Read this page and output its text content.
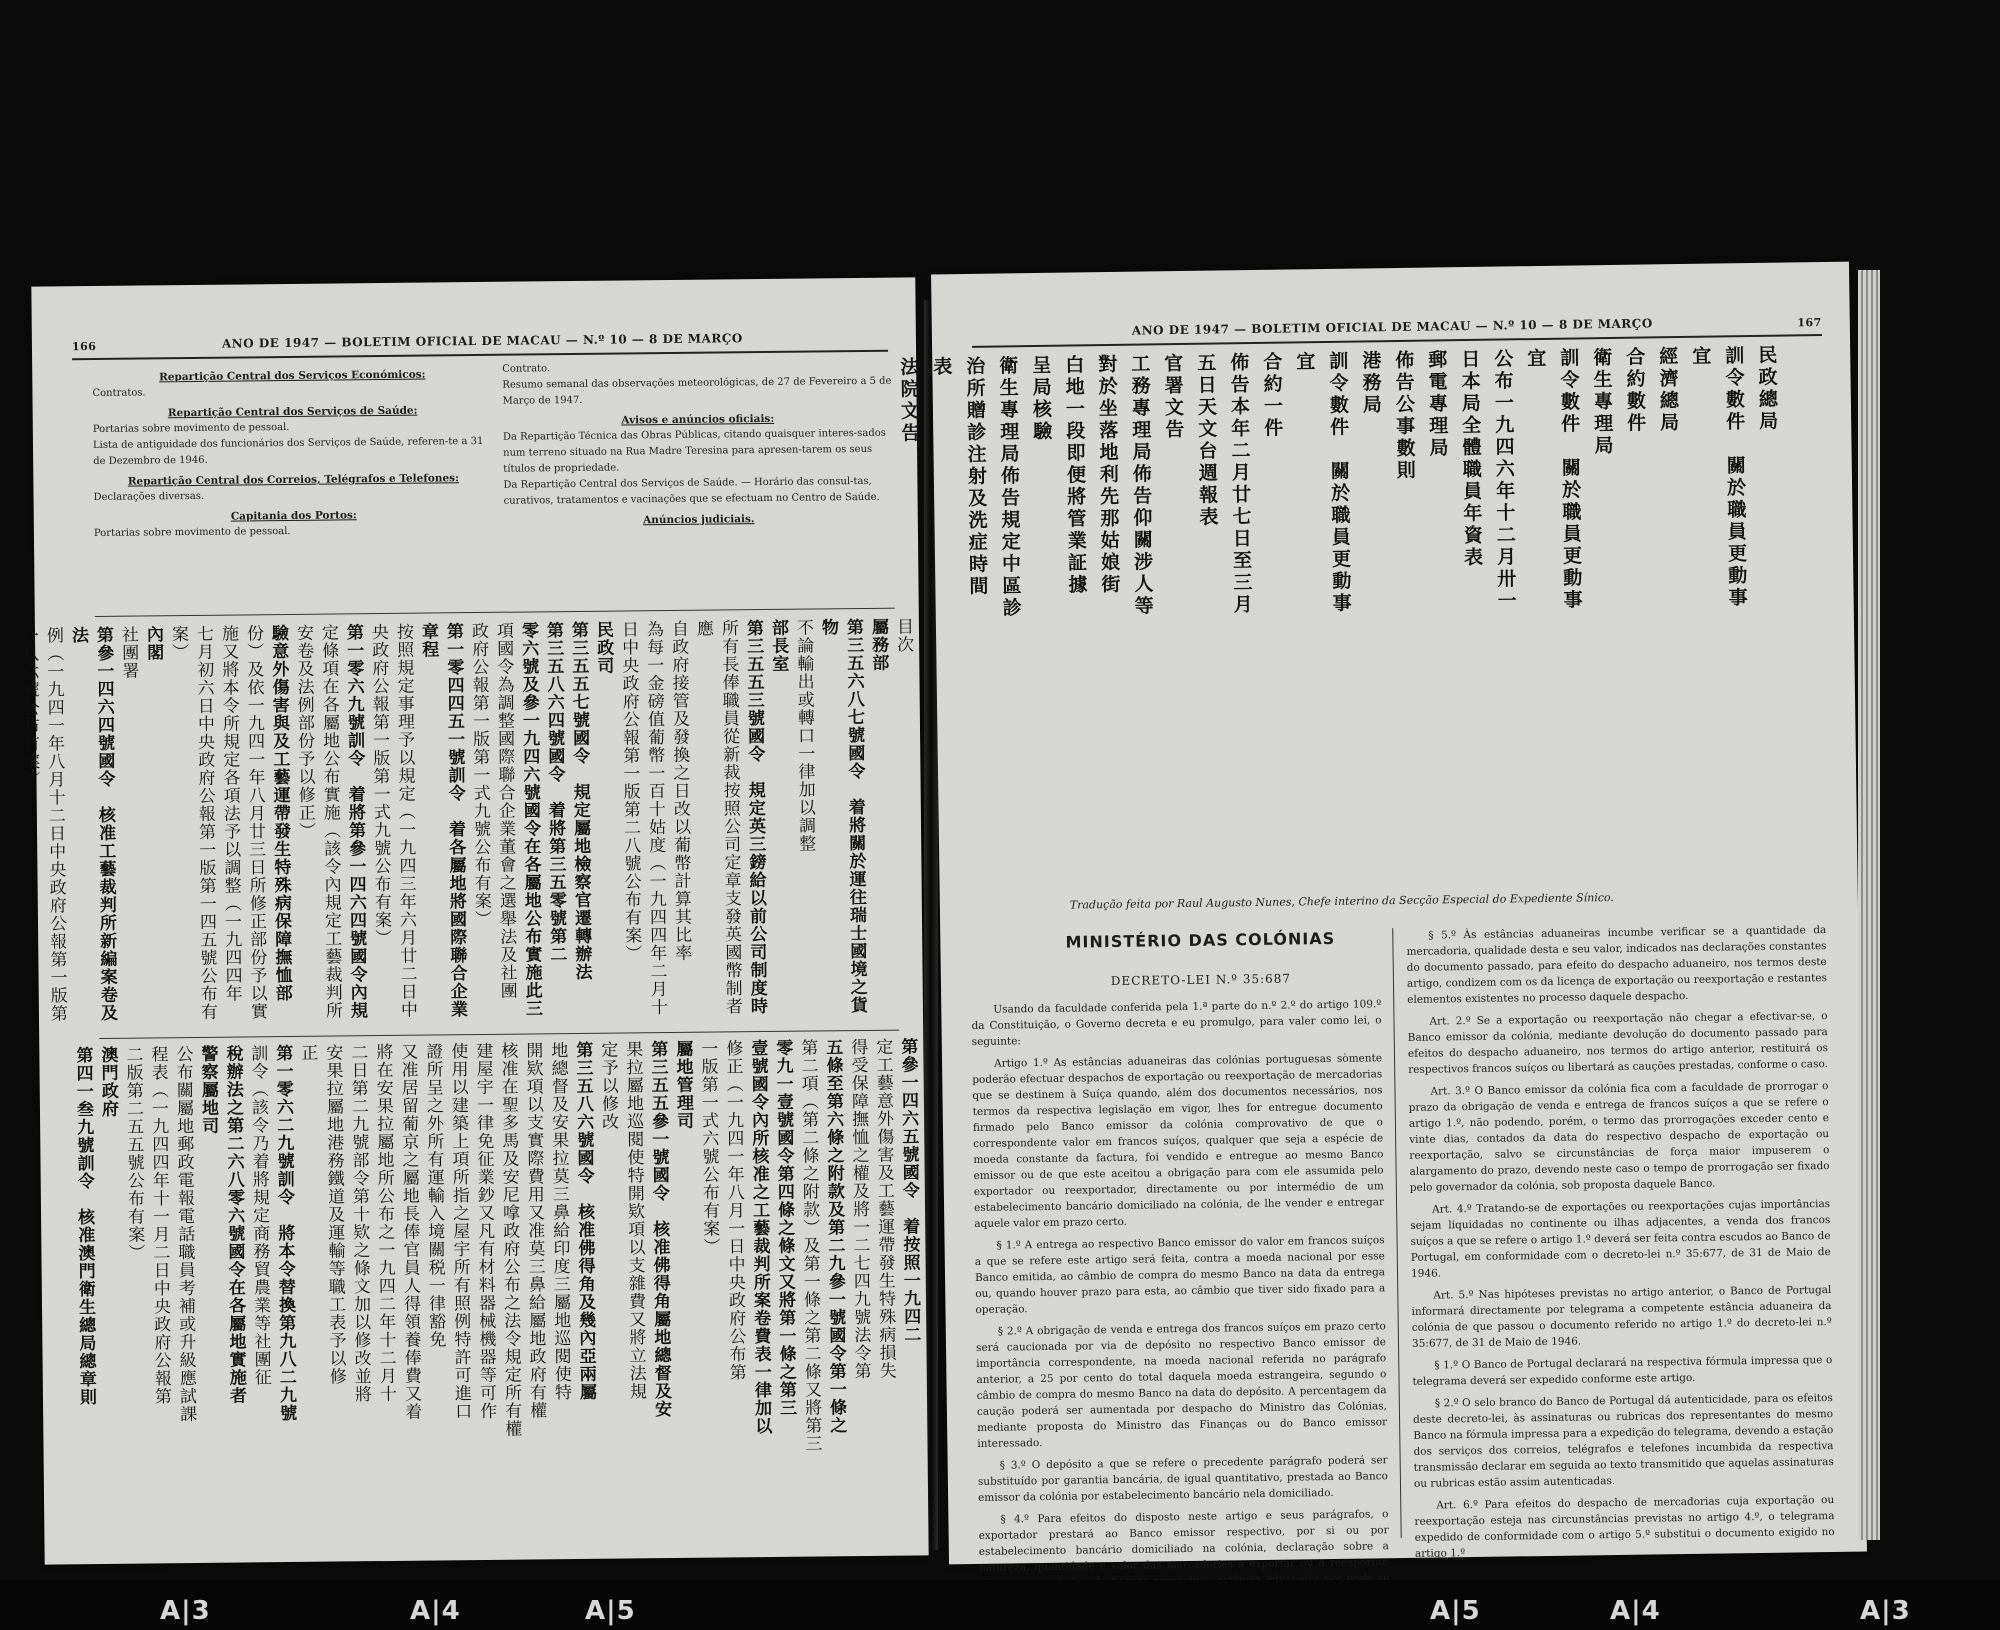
166	ANO DE 1947 — BOLETIM OFICIAL DE MACAU — N.º 10 — 8 DE MARÇO
Repartição Central dos Serviços Económicos:

Contratos.

Repartição Central dos Serviços de Saúde:

Portarias sobre movimento de pessoal.

Lista de antiguidade dos funcionários dos Serviços de Saúde, referen-te a 31 de Dezembro de 1946.

Repartição Central dos Correios, Telégrafos e Telefones:

Declarações diversas.

Capitania dos Portos:

Portarias sobre movimento de pessoal.

Contrato.

Resumo semanal das observações meteorológicas, de 27 de Fevereiro a 5 de Março de 1947.

Avisos e anúncios oficiais:

Da Repartição Técnica das Obras Públicas, citando quaisquer interes-sados num terreno situado na Rua Madre Teresina para apresen-tarem os seus títulos de propriedade.

Da Repartição Central dos Serviços de Saúde. — Horário das consul-tas, curativos, tratamentos e vacinações que se efectuam no Centro de Saúde.

Anúncios judiciais.
目次
屬務部
第三五六八七號國令　着將關於運往瑞士國境之貨物
不論輸出或轉口一律加以調整
部長室
第三五五三號國令　規定英三鎊給以前公司制度時
所有長俸職員從新裁按照公司定章支發英國幣制者應
自政府接管及發換之日改以葡幣計算其比率
為每一金磅值葡幣一百十姑度（一九四四年二月十
日中央政府公報第一版第二八號公布有案）
民政司
第三五五七號國令　規定屬地檢察官遷轉辦法
第三五八六四號國令　着將第三五零號第二
零六號及參一九四六號國令在各屬地公布實施此三
項國令為調整國際聯合企業董會之選舉法及社團
政府公報第一版第一式九號公布有案）
第一零四四五一號訓令　着各屬地將國際聯合企業章程
按照規定事理予以規定（一九四三年六月廿二日中
央政府公報第一版第一式九號公布有案）
第一零六九號訓令　着將第參一四六四號國令內規
定條項在各屬地公布實施（該令內規定工藝裁判所
安卷及法例部份予以修正）
驗意外傷害與及工藝運帶發生特殊病保障撫恤部
份）及依一九四一年八月廿三日所修正部份予以實
施又將本令所規定各項法予以調整（一九四四年
七月初六日中央政府公報第一版第一四五號公布有
案）
內閣
社團署
第參一四六四號國令　核准工藝裁判所新編案卷及法
例（一九四一年八月十二日中央政府公報第一版第
一八六號公布有案）
第參一四六五號國令　着按照一九四二
定工藝意外傷害及工藝運帶發生特殊病損失
得受保障撫恤之權及將一二七四九號法令第
五條至第六條之附款及第二九參一號國令第一條之
第二項（第二條之附款）及第一條之第二條又將第三
零九一壹號國令第四條之條文又將第一條之第三
壹號國令內所核准之工藝裁判所案卷費表一律加以
修正（一九四一年八月一日中央政府公布第
一版第一式六號公布有案）
屬地管理司
第三五五參一號國令　核准佛得角屬地總督及安
果拉屬地巡閱使特開欵項以支雜費又將立法規
定予以修改
第三五八六號國令　核准佛得角及幾內亞兩屬
地總督及安果拉莫三鼻給印度三屬地巡閱使特
開欵項以支實際費用又准莫三鼻給屬地政府有權
核准在聖多馬及安尼嗱政府公布之法令規定所有權
建屋宇一律免征業鈔又凡有材料器械機器等可作
使用以建築上項所指之屋宇所有照例特許可進口
證所呈之外所有運輸入境關税一律豁免
又准居留葡京之屬地長俸官員人得領養俸費又着
將在安果拉屬地所公布之一九四二年十二月十
二日第二九號部令第十欵之條文加以修改並將
安果拉屬地港務鐵道及運輸等職工表予以修
正
第一零六二九號訓令　將本令替換第九八二九號
訓令（該令乃着將規定商務貿農業等社團征
稅辦法之第二六八零六號國令在各屬地實施者
警察屬地司
公布關屬地郵政電報電話職員考補或升級應試課
程表（一九四四年十一月二日中央政府公報第
二版第二五五號公布有案）
澳門政府
第四一叁九號訓令　核准澳門衛生總局總章則
ANO DE 1947 — BOLETIM OFICIAL DE MACAU — N.º 10 — 8 DE MARÇO	167
民政總局
訓令數件　關於職員更動事
宜
經濟總局
合約數件
衛生專理局
訓令數件　關於職員更動事
宜
公布一九四六年十二月卅一
日本局全體職員年資表
郵電專理局
佈告公事數則
港務局
訓令數件　關於職員更動事
宜
合約一件
佈告本年二月廿七日至三月
五日天文台週報表
官署文告
工務專理局佈告仰關涉人等
對於坐落地利先那姑娘街
白地一段即便將管業証據
呈局核驗
衛生專理局佈告規定中區診
治所贈診注射及洗症時間
表
法院文告
Tradução feita por Raul Augusto Nunes, Chefe interino da Secção Especial do Expediente Sínico.
MINISTÉRIO DAS COLÓNIAS
DECRETO-LEI N.º 35:687

Usando da faculdade conferida pela 1.ª parte do n.º 2.º do artigo 109.º da Constituição, o Governo decreta e eu promulgo, para valer como lei, o seguinte:

Artigo 1.º As estâncias aduaneiras das colónias portuguesas sòmente poderão efectuar despachos de exportação ou reexportação de mercadorias que se destinem à Suíça quando, além dos documentos necessários, nos termos da respectiva legislação em vigor, lhes for entregue documento firmado pelo Banco emissor da colónia comprovativo de que o correspondente valor em francos suíços, qualquer que seja a espécie de moeda constante da factura, foi vendido e entregue ao mesmo Banco emissor ou de que este aceitou a obrigação para com ele assumida pelo exportador ou reexportador, directamente ou por intermédio de um estabelecimento bancário domiciliado na colónia, de lhe vender e entregar aquele valor em prazo certo.

§ 1.º A entrega ao respectivo Banco emissor do valor em francos suíços a que se refere este artigo será feita, contra a moeda nacional por esse Banco emitida, ao câmbio de compra do mesmo Banco na data da entrega ou, quando houver prazo para esta, ao câmbio que tiver sido fixado para a operação.

§ 2.º A obrigação de venda e entrega dos francos suíços em prazo certo será caucionada por via de depósito no respectivo Banco emissor de importância correspondente, na moeda nacional referida no parágrafo anterior, a 25 por cento do total daquela moeda estrangeira, segundo o câmbio de compra do mesmo Banco na data do depósito. A percentagem da caução poderá ser aumentada por despacho do Ministro das Colónias, mediante proposta do Ministro das Finanças ou do Banco emissor interessado.

§ 3.º O depósito a que se refere o precedente parágrafo poderá ser substituído por garantia bancária, de igual quantitativo, prestada ao Banco emissor da colónia por estabelecimento bancário nela domiciliado.

§ 4.º Para efeitos do disposto neste artigo e seus parágrafos, o exportador prestará ao Banco emissor respectivo, por si ou por estabelecimento bancário domiciliado na colónia, declaração sobre a natureza, quantidade e valor das mercadorias a exportar ou a reexportar, por onde se

§ 5.º Às estâncias aduaneiras incumbe verificar se a quantidade da mercadoria, qualidade desta e seu valor, indicados nas declarações constantes do documento passado, para efeito do despacho aduaneiro, nos termos deste artigo, condizem com os da licença de exportação ou reexportação e restantes elementos existentes no processo daquele despacho.

Art. 2.º Se a exportação ou reexportação não chegar a efectivar-se, o Banco emissor da colónia, mediante devolução do documento passado para efeitos do despacho aduaneiro, nos termos do artigo anterior, restituirá os respectivos francos suíços ou libertará as cauções prestadas, conforme o caso.

Art. 3.º O Banco emissor da colónia fica com a faculdade de prorrogar o prazo da obrigação de venda e entrega de francos suíços a que se refere o artigo 1.º, não podendo, porém, o termo das prorrogações exceder cento e vinte dias, contados da data do respectivo despacho de exportação ou reexportação, salvo se circunstâncias de força maior impuserem o alargamento do prazo, devendo neste caso o tempo de prorrogação ser fixado pelo governador da colónia, sob proposta daquele Banco.

Art. 4.º Tratando-se de exportações ou reexportações cujas importâncias sejam liquidadas no continente ou ilhas adjacentes, a venda dos francos suíços a que se refere o artigo 1.º deverá ser feita contra escudos ao Banco de Portugal, em conformidade com o decreto-lei n.º 35:677, de 31 de Maio de 1946.

Art. 5.º Nas hipóteses previstas no artigo anterior, o Banco de Portugal informará directamente por telegrama a competente estância aduaneira da colónia de que passou o documento referido no artigo 1.º do decreto-lei n.º 35:677, de 31 de Maio de 1946.

§ 1.º O Banco de Portugal declarará na respectiva fórmula impressa que o telegrama deverá ser expedido conforme este artigo.

§ 2.º O selo branco do Banco de Portugal dá autenticidade, para os efeitos deste decreto-lei, às assinaturas ou rubricas dos representantes do mesmo Banco na fórmula impressa para a expedição do telegrama, devendo a estação dos serviços dos correios, telégrafos e telefones incumbida da respectiva transmissão declarar em seguida ao texto transmitido que aquelas assinaturas ou rubricas estão assim autenticadas.

Art. 6.º Para efeitos do despacho de mercadorias cuja exportação ou reexportação esteja nas circunstâncias previstas no artigo 4.º, o telegrama expedido de conformidade com o artigo 5.º substitui o documento exigido no artigo 1.º

A|3	A|4	A|5	A|5	A|4	A|3
